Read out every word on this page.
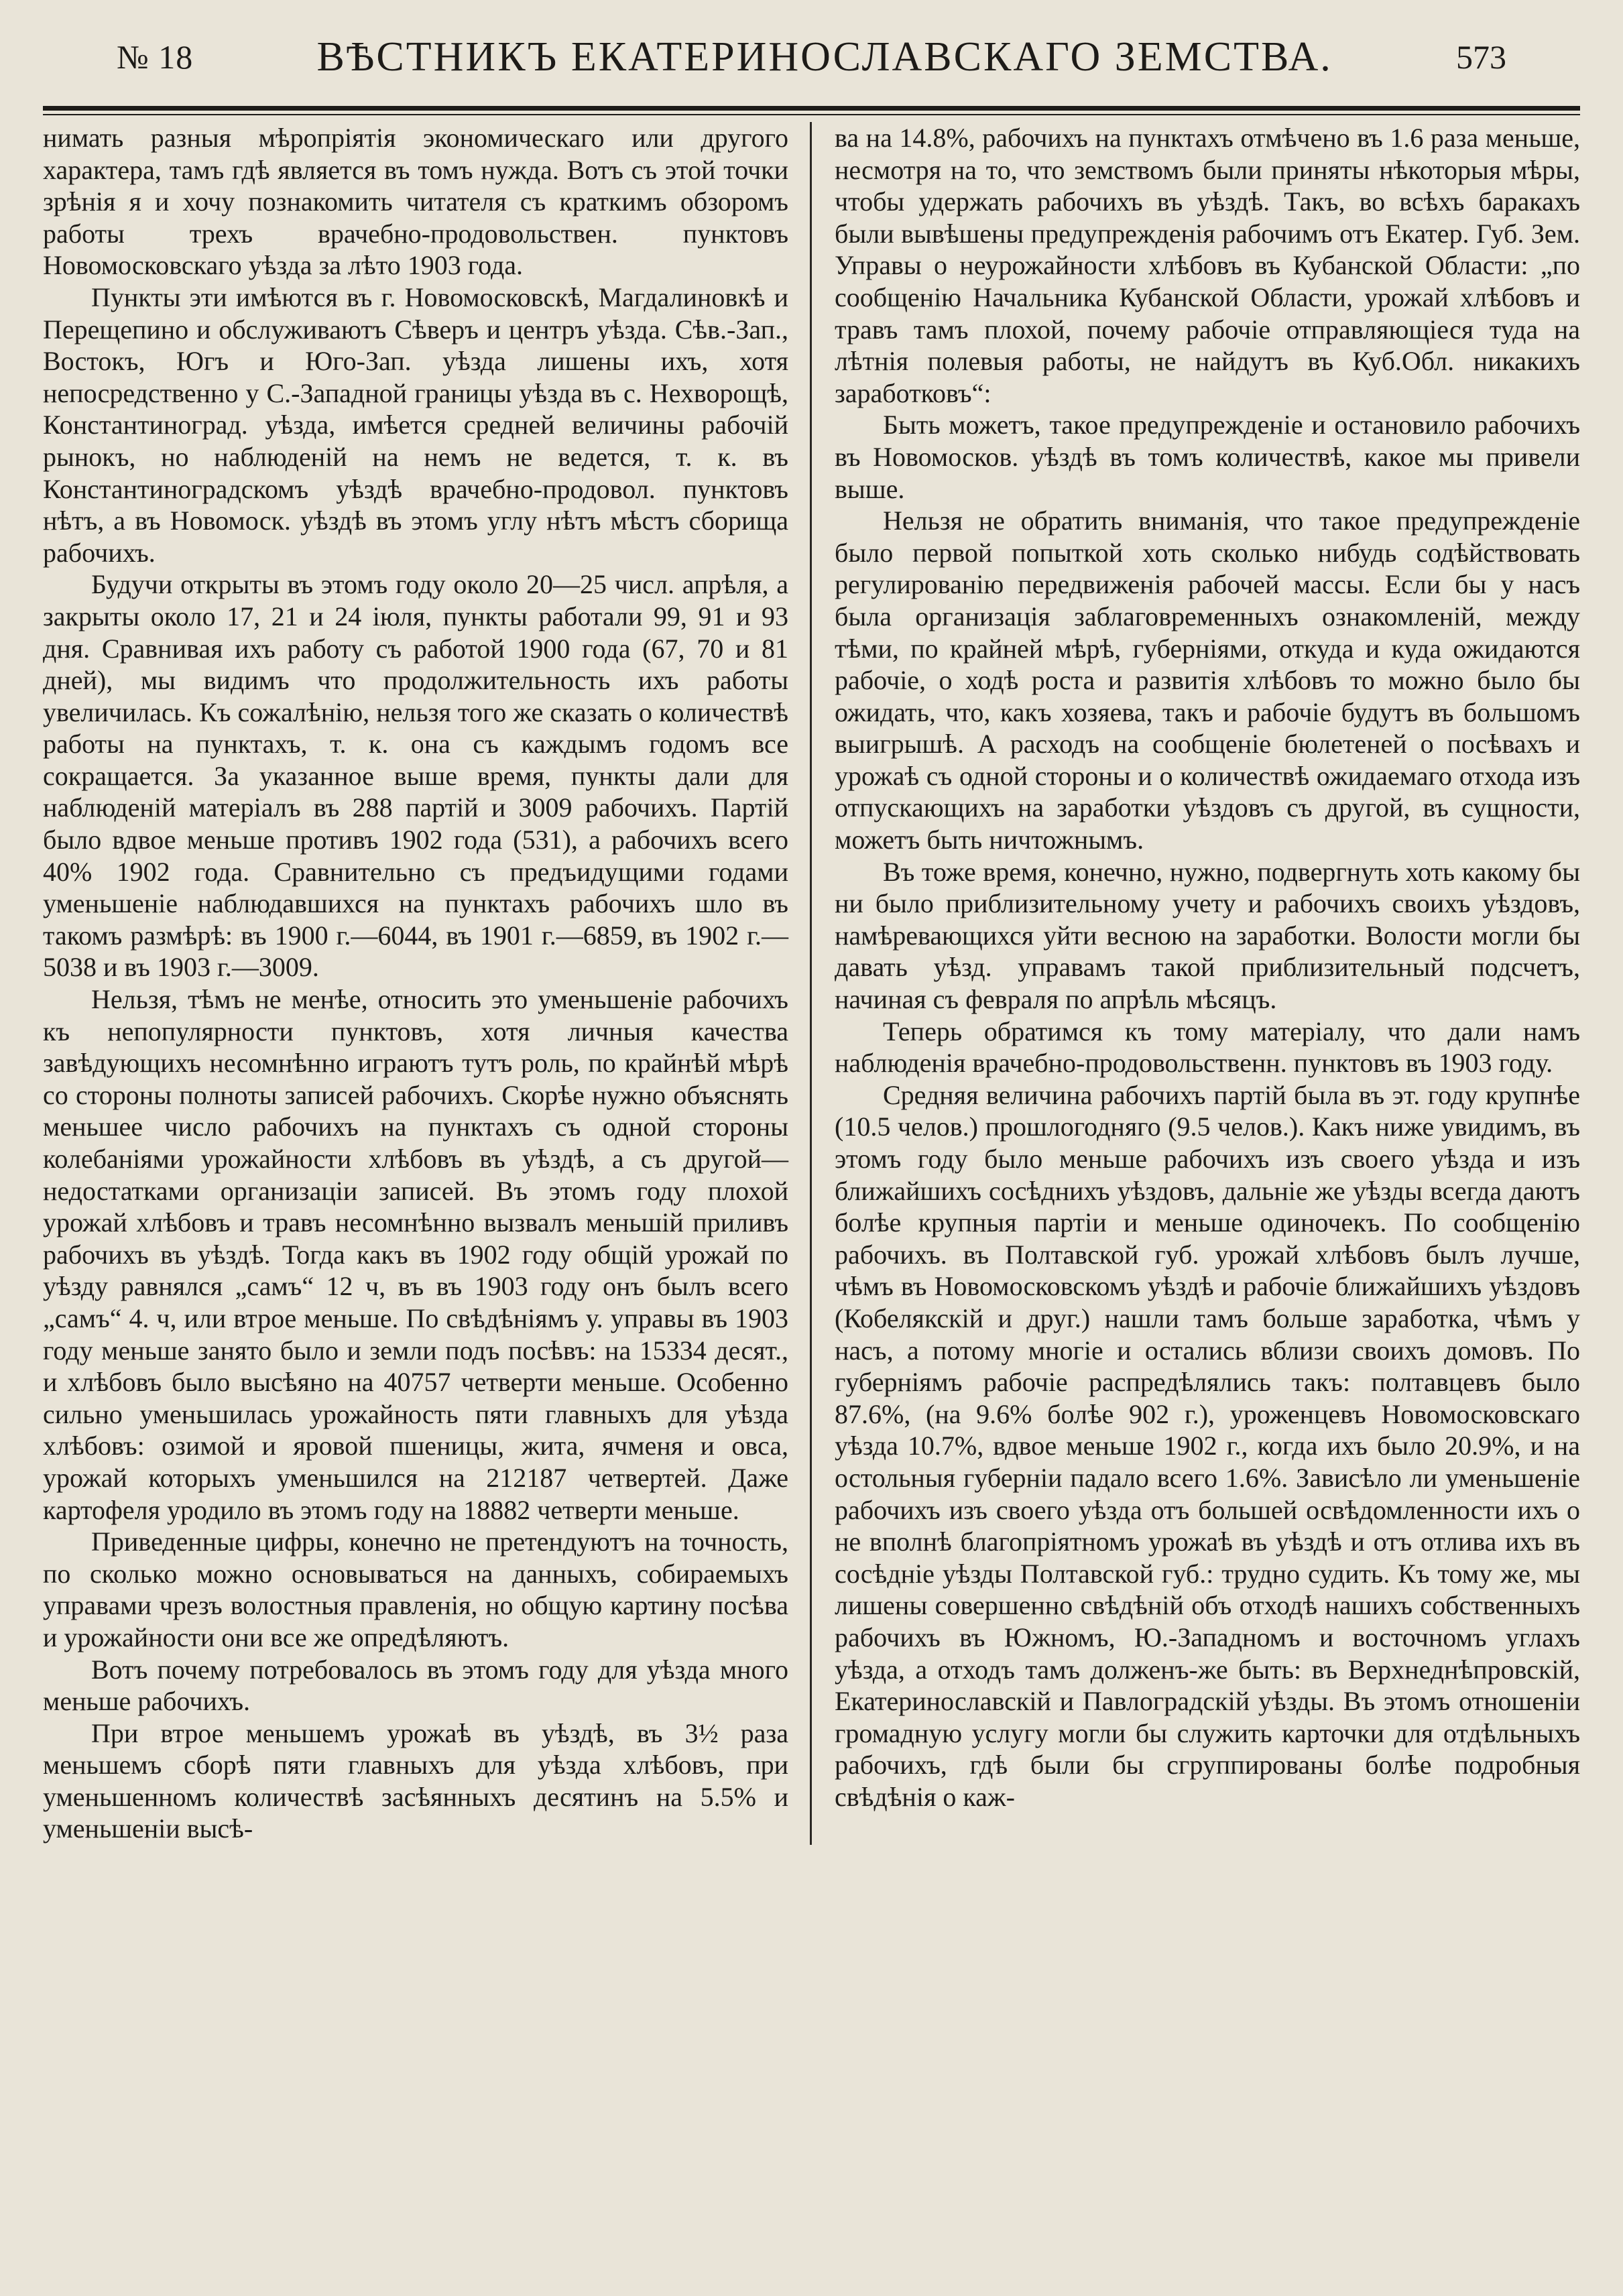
№ 18	ВѢСТНИКЪ ЕКАТЕРИНОСЛАВСКАГО ЗЕМСТВА.	573

нимать разныя мѣропріятія экономическаго или другого характера, тамъ гдѣ является въ томъ нужда. Вотъ съ этой точки зрѣнія я и хочу познакомить читателя съ краткимъ обзоромъ работы трехъ врачебно-продовольствен. пунктовъ Новомосковскаго уѣзда за лѣто 1903 года.

Пункты эти имѣются въ г. Новомосковскѣ, Магдалиновкѣ и Перещепино и обслуживаютъ Сѣверъ и центръ уѣзда. Сѣв.-Зап., Востокъ, Югъ и Юго-Зап. уѣзда лишены ихъ, хотя непосредственно у С.-Западной границы уѣзда въ с. Нехворощѣ, Константиноград. уѣзда, имѣется средней величины рабочій рынокъ, но наблюденій на немъ не ведется, т. к. въ Константиноградскомъ уѣздѣ врачебно-продовол. пунктовъ нѣтъ, а въ Новомоск. уѣздѣ въ этомъ углу нѣтъ мѣстъ сборища рабочихъ.

Будучи открыты въ этомъ году около 20—25 числ. апрѣля, а закрыты около 17, 21 и 24 іюля, пункты работали 99, 91 и 93 дня. Сравнивая ихъ работу съ работой 1900 года (67, 70 и 81 дней), мы видимъ что продолжительность ихъ работы увеличилась. Къ сожалѣнію, нельзя того же сказать о количествѣ работы на пунктахъ, т. к. она съ каждымъ годомъ все сокращается. За указанное выше время, пункты дали для наблюденій матеріалъ въ 288 партій и 3009 рабочихъ. Партій было вдвое меньше противъ 1902 года (531), а рабочихъ всего 40% 1902 года. Сравнительно съ предъидущими годами уменьшеніе наблюдавшихся на пунктахъ рабочихъ шло въ такомъ размѣрѣ: въ 1900 г.—6044, въ 1901 г.—6859, въ 1902 г.—5038 и въ 1903 г.—3009.

Нельзя, тѣмъ не менѣе, относить это уменьшеніе рабочихъ къ непопулярности пунктовъ, хотя личныя качества завѣдующихъ несомнѣнно играютъ тутъ роль, по крайнѣй мѣрѣ со стороны полноты записей рабочихъ. Скорѣе нужно объяснять меньшее число рабочихъ на пунктахъ съ одной стороны колебаніями урожайности хлѣбовъ въ уѣздѣ, а съ другой—недостатками организаціи записей. Въ этомъ году плохой урожай хлѣбовъ и травъ несомнѣнно вызвалъ меньшій приливъ рабочихъ въ уѣздѣ. Тогда какъ въ 1902 году общій урожай по уѣзду равнялся „самъ“ 12 ч, въ въ 1903 году онъ былъ всего „самъ“ 4. ч, или втрое меньше. По свѣдѣніямъ у. управы въ 1903 году меньше занято было и земли подъ посѣвъ: на 15334 десят., и хлѣбовъ было высѣяно на 40757 четверти меньше. Особенно сильно уменьшилась урожайность пяти главныхъ для уѣзда хлѣбовъ: озимой и яровой пшеницы, жита, ячменя и овса, урожай которыхъ уменьшился на 212187 четвертей. Даже картофеля уродило въ этомъ году на 18882 четверти меньше.

Приведенные цифры, конечно не претендуютъ на точность, по сколько можно основываться на данныхъ, собираемыхъ управами чрезъ волостныя правленія, но общую картину посѣва и урожайности они все же опредѣляютъ.

Вотъ почему потребовалось въ этомъ году для уѣзда много меньше рабочихъ.

При втрое меньшемъ урожаѣ въ уѣздѣ, въ 3½ раза меньшемъ сборѣ пяти главныхъ для уѣзда хлѣбовъ, при уменьшенномъ количествѣ засѣянныхъ десятинъ на 5.5% и уменьшеніи высѣ-

ва на 14.8%, рабочихъ на пунктахъ отмѣчено въ 1.6 раза меньше, несмотря на то, что земствомъ были приняты нѣкоторыя мѣры, чтобы удержать рабочихъ въ уѣздѣ. Такъ, во всѣхъ баракахъ были вывѣшены предупрежденія рабочимъ отъ Екатер. Губ. Зем. Управы о неурожайности хлѣбовъ въ Кубанской Области: „по сообщенію Начальника Кубанской Области, урожай хлѣбовъ и травъ тамъ плохой, почему рабочіе отправляющіеся туда на лѣтнія полевыя работы, не найдутъ въ Куб.Обл. никакихъ заработковъ“:

Быть можетъ, такое предупрежденіе и остановило рабочихъ въ Новомосков. уѣздѣ въ томъ количествѣ, какое мы привели выше.

Нельзя не обратить вниманія, что такое предупрежденіе было первой попыткой хоть сколько нибудь содѣйствовать регулированію передвиженія рабочей массы. Если бы у насъ была организація заблаговременныхъ ознакомленій, между тѣми, по крайней мѣрѣ, губерніями, откуда и куда ожидаются рабочіе, о ходѣ роста и развитія хлѣбовъ то можно было бы ожидать, что, какъ хозяева, такъ и рабочіе будутъ въ большомъ выигрышѣ. А расходъ на сообщеніе бюлетеней о посѣвахъ и урожаѣ съ одной стороны и о количествѣ ожидаемаго отхода изъ отпускающихъ на заработки уѣздовъ съ другой, въ сущности, можетъ быть ничтожнымъ.

Въ тоже время, конечно, нужно, подвергнуть хоть какому бы ни было приблизительному учету и рабочихъ своихъ уѣздовъ, намѣревающихся уйти весною на заработки. Волости могли бы давать уѣзд. управамъ такой приблизительный подсчетъ, начиная съ февраля по апрѣль мѣсяцъ.

Теперь обратимся къ тому матеріалу, что дали намъ наблюденія врачебно-продовольственн. пунктовъ въ 1903 году.

Средняя величина рабочихъ партій была въ эт. году крупнѣе (10.5 челов.) прошлогодняго (9.5 челов.). Какъ ниже увидимъ, въ этомъ году было меньше рабочихъ изъ своего уѣзда и изъ ближайшихъ сосѣднихъ уѣздовъ, дальніе же уѣзды всегда даютъ болѣе крупныя партіи и меньше одиночекъ. По сообщенію рабочихъ. въ Полтавской губ. урожай хлѣбовъ былъ лучше, чѣмъ въ Новомосковскомъ уѣздѣ и рабочіе ближайшихъ уѣздовъ (Кобелякскій и друг.) нашли тамъ больше заработка, чѣмъ у насъ, а потому многіе и остались вблизи своихъ домовъ. По губерніямъ рабочіе распредѣлялись такъ: полтавцевъ было 87.6%, (на 9.6% болѣе 902 г.), уроженцевъ Новомосковскаго уѣзда 10.7%, вдвое меньше 1902 г., когда ихъ было 20.9%, и на остольныя губерніи падало всего 1.6%. Зависѣло ли уменьшеніе рабочихъ изъ своего уѣзда отъ большей освѣдомленности ихъ о не вполнѣ благопріятномъ урожаѣ въ уѣздѣ и отъ отлива ихъ въ сосѣдніе уѣзды Полтавской губ.: трудно судить. Къ тому же, мы лишены совершенно свѣдѣній объ отходѣ нашихъ собственныхъ рабочихъ въ Южномъ, Ю.-Западномъ и восточномъ углахъ уѣзда, а отходъ тамъ долженъ-же быть: въ Верхнеднѣпровскій, Екатеринославскій и Павлоградскій уѣзды. Въ этомъ отношеніи громадную услугу могли бы служить карточки для отдѣльныхъ рабочихъ, гдѣ были бы сгруппированы болѣе подробныя свѣдѣнія о каж-
